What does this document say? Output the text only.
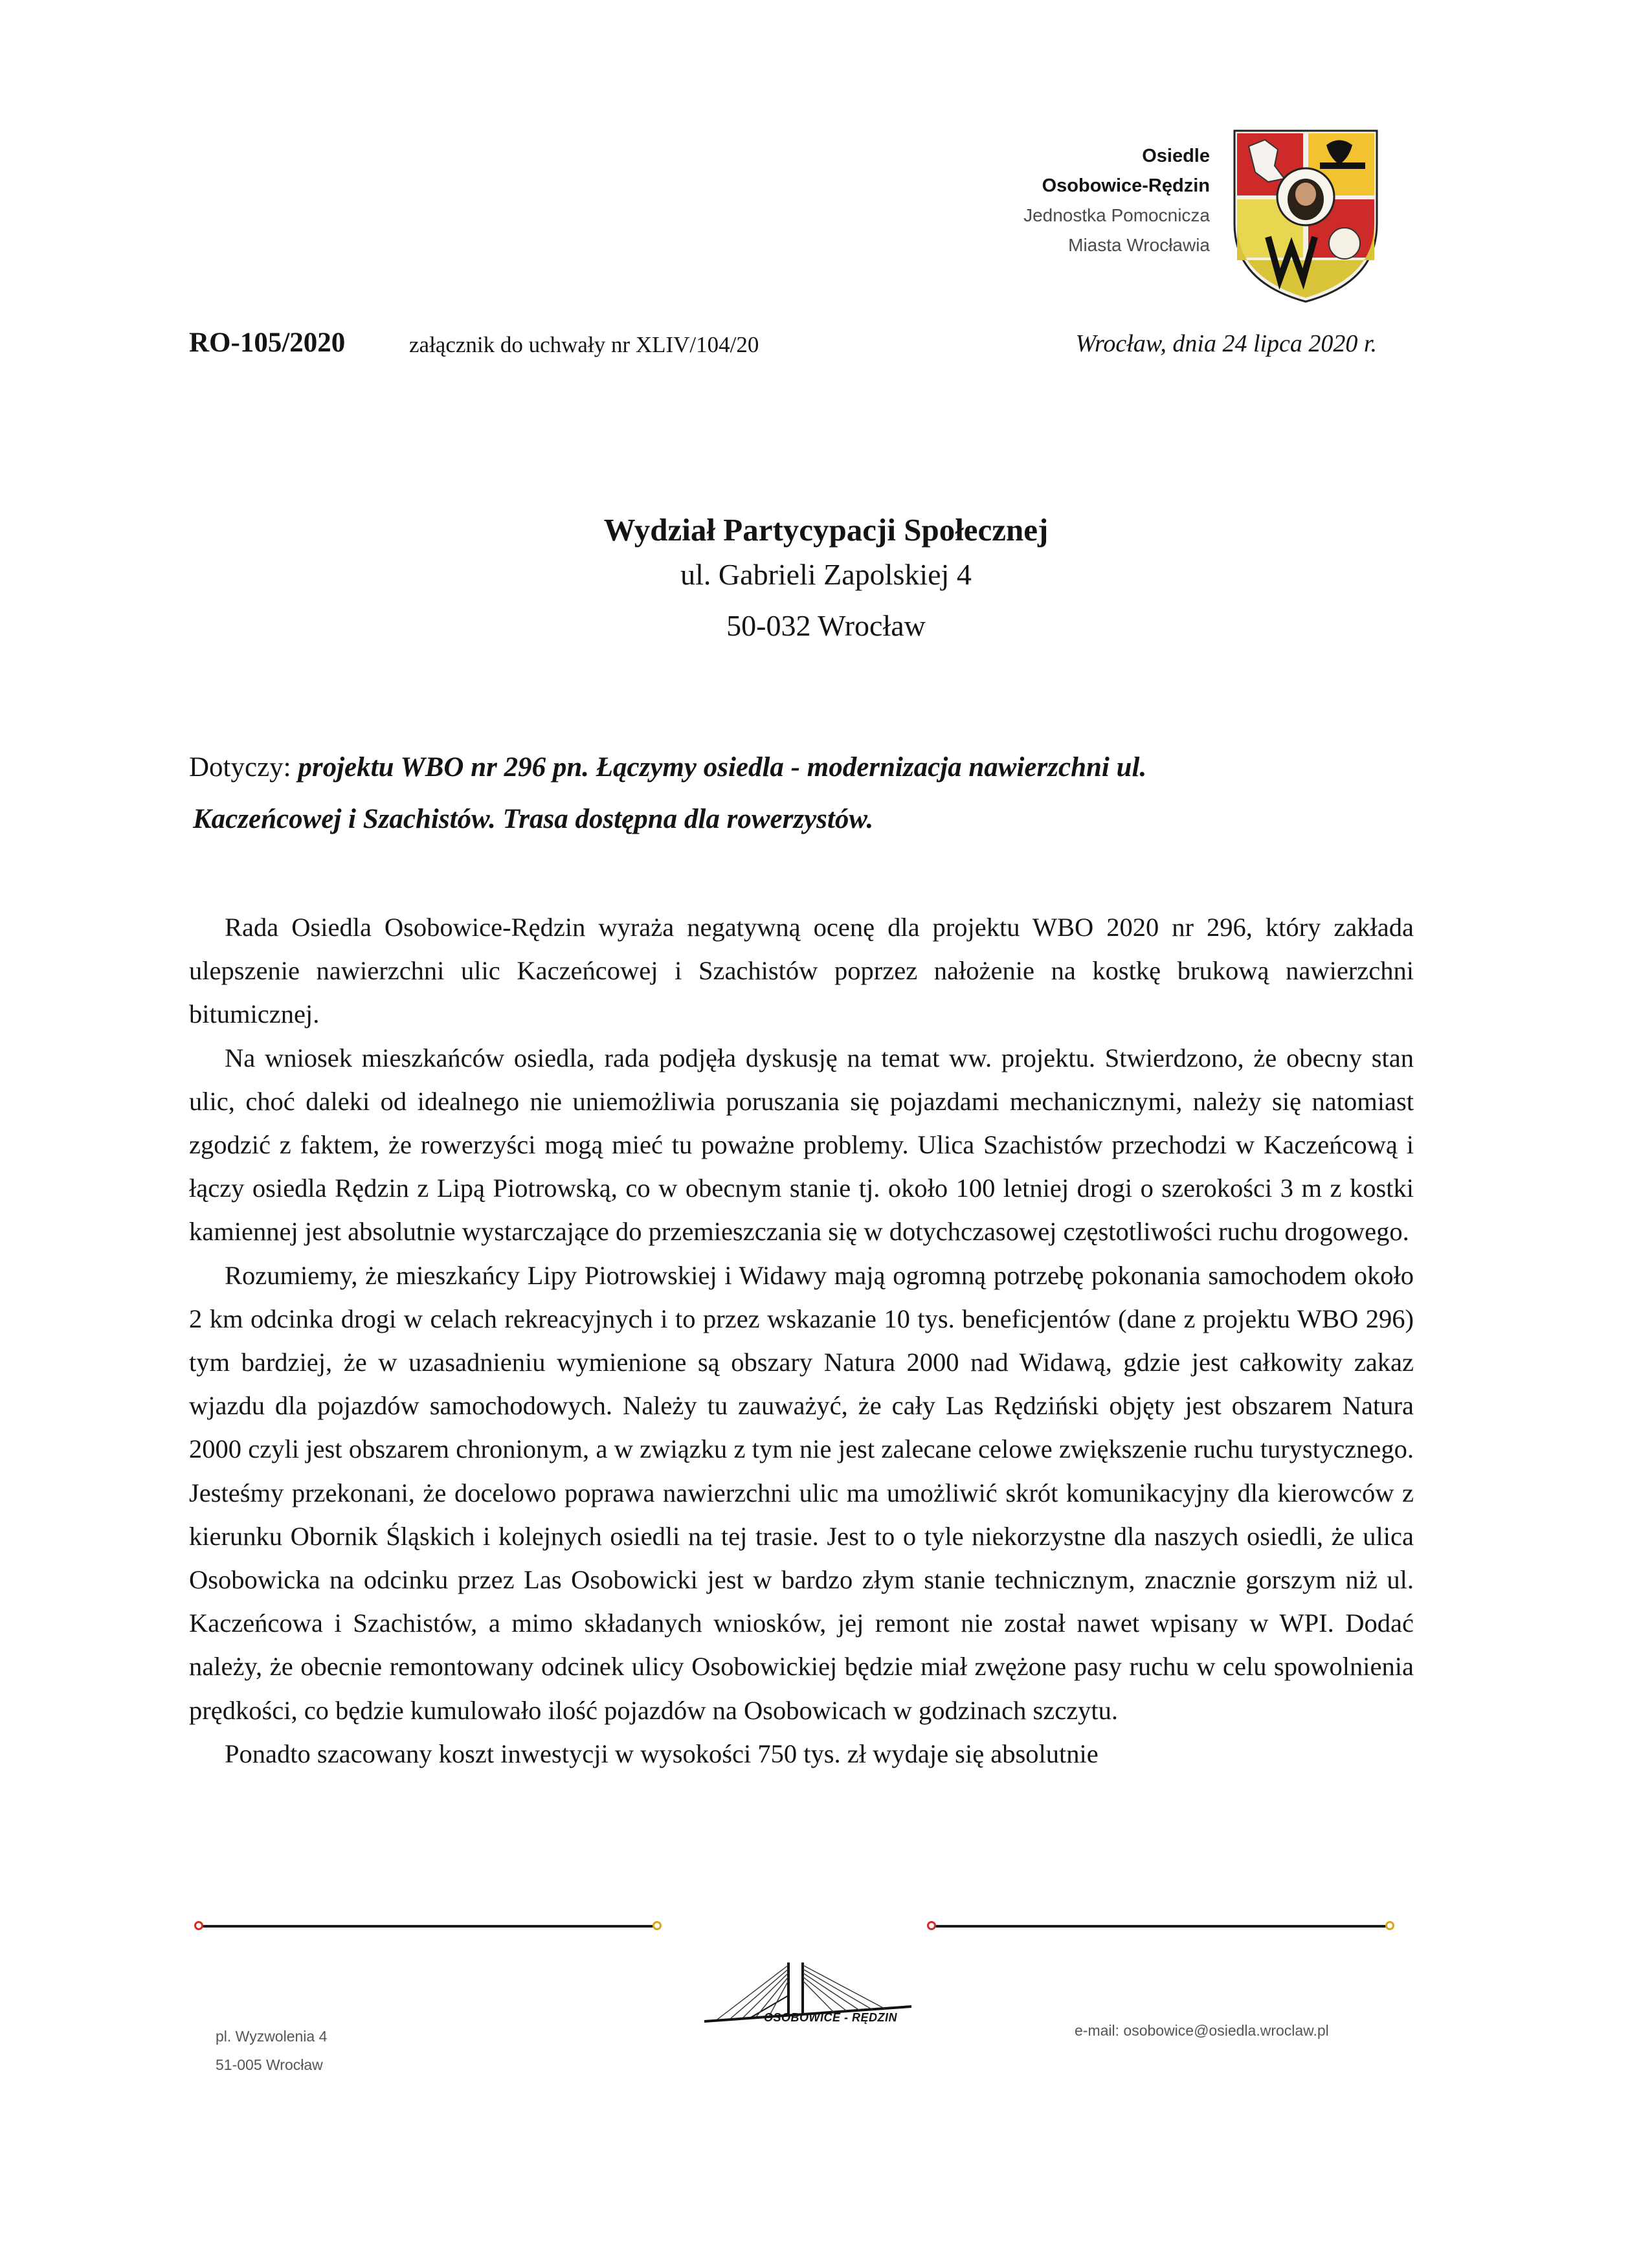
Osiedle
Osobowice-Rędzin
Jednostka Pomocnicza
Miasta Wrocławia
RO-105/2020	załącznik do uchwały nr XLIV/104/20	Wrocław, dnia 24 lipca 2020 r.
Wydział Partycypacji Społecznej
ul. Gabrieli Zapolskiej 4
50-032 Wrocław
Dotyczy: projektu WBO nr 296 pn. Łączymy osiedla - modernizacja nawierzchni ul.
Kaczeńcowej i Szachistów. Trasa dostępna dla rowerzystów.

Rada Osiedla Osobowice-Rędzin wyraża negatywną ocenę dla projektu WBO 2020 nr 296, który zakłada ulepszenie nawierzchni ulic Kaczeńcowej i Szachistów poprzez nałożenie na kostkę brukową nawierzchni bitumicznej.

Na wniosek mieszkańców osiedla, rada podjęła dyskusję na temat ww. projektu. Stwierdzono, że obecny stan ulic, choć daleki od idealnego nie uniemożliwia poruszania się pojazdami mechanicznymi, należy się natomiast zgodzić z faktem, że rowerzyści mogą mieć tu poważne problemy. Ulica Szachistów przechodzi w Kaczeńcową i łączy osiedla Rędzin z Lipą Piotrowską, co w obecnym stanie tj. około 100 letniej drogi o szerokości 3 m z kostki kamiennej jest absolutnie wystarczające do przemieszczania się w dotychczasowej częstotliwości ruchu drogowego.

Rozumiemy, że mieszkańcy Lipy Piotrowskiej i Widawy mają ogromną potrzebę pokonania samochodem około 2 km odcinka drogi w celach rekreacyjnych i to przez wskazanie 10 tys. beneficjentów (dane z projektu WBO 296) tym bardziej, że w uzasadnieniu wymienione są obszary Natura 2000 nad Widawą, gdzie jest całkowity zakaz wjazdu dla pojazdów samochodowych. Należy tu zauważyć, że cały Las Rędziński objęty jest obszarem Natura 2000 czyli jest obszarem chronionym, a w związku z tym nie jest zalecane celowe zwiększenie ruchu turystycznego. Jesteśmy przekonani, że docelowo poprawa nawierzchni ulic ma umożliwić skrót komunikacyjny dla kierowców z kierunku Obornik Śląskich i kolejnych osiedli na tej trasie. Jest to o tyle niekorzystne dla naszych osiedli, że ulica Osobowicka na odcinku przez Las Osobowicki jest w bardzo złym stanie technicznym, znacznie gorszym niż ul. Kaczeńcowa i Szachistów, a mimo składanych wniosków, jej remont nie został nawet wpisany w WPI. Dodać należy, że obecnie remontowany odcinek ulicy Osobowickiej będzie miał zwężone pasy ruchu w celu spowolnienia prędkości, co będzie kumulowało ilość pojazdów na Osobowicach w godzinach szczytu.

Ponadto szacowany koszt inwestycji w wysokości 750 tys. zł wydaje się absolutnie

OSOBOWICE - RĘDZIN
pl. Wyzwolenia 4
51-005 Wrocław
e-mail: osobowice@osiedla.wroclaw.pl
